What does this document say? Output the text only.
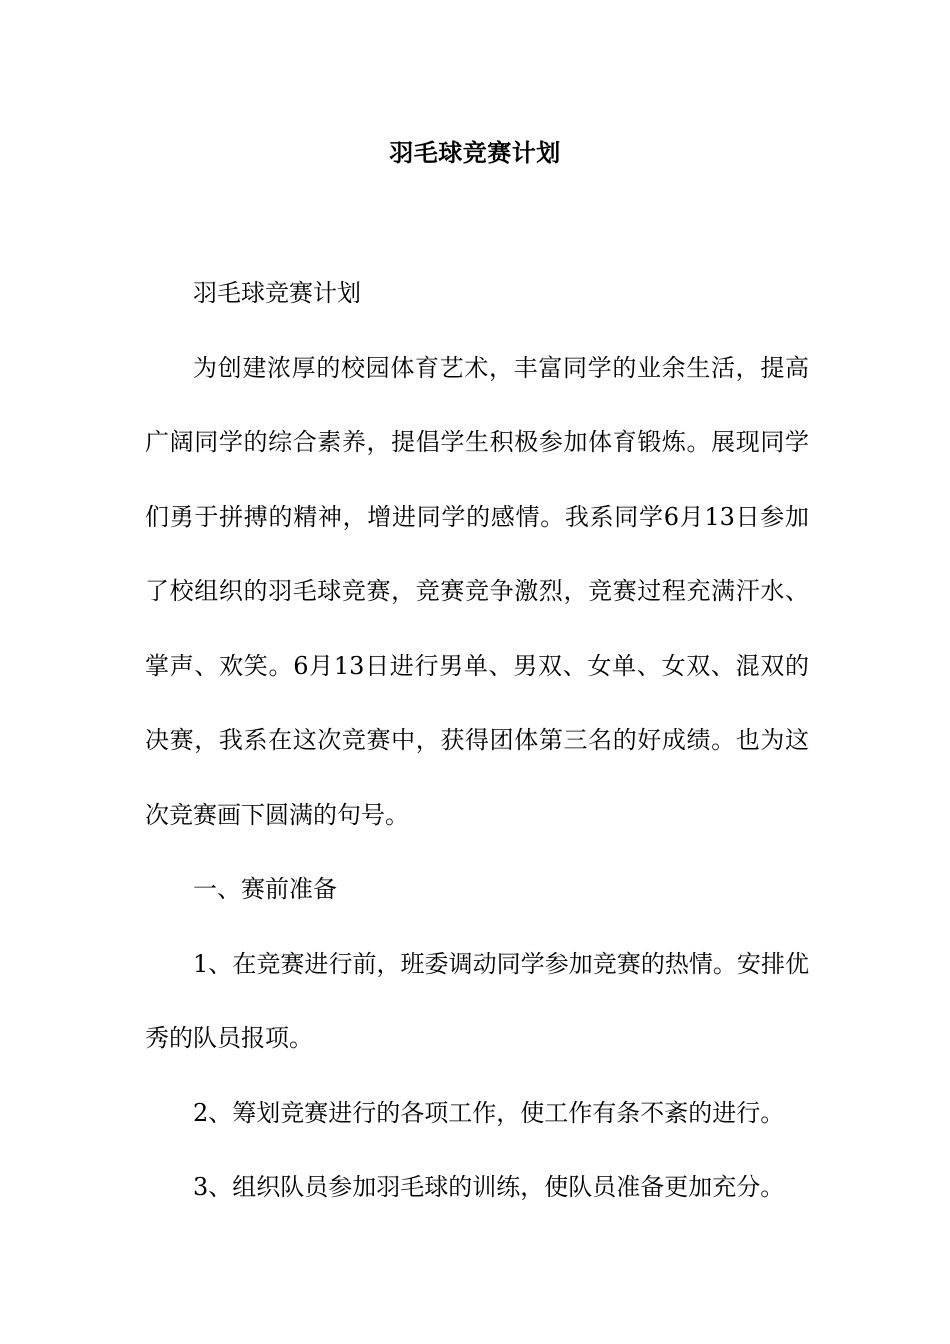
羽毛球竞赛计划

羽毛球竞赛计划

为创建浓厚的校园体育艺术，丰富同学的业余生活，提高广阔同学的综合素养，提倡学生积极参加体育锻炼。展现同学们勇于拼搏的精神，增进同学的感情。我系同学6月13日参加了校组织的羽毛球竞赛，竞赛竞争激烈，竞赛过程充满汗水、掌声、欢笑。6月13日进行男单、男双、女单、女双、混双的决赛，我系在这次竞赛中，获得团体第三名的好成绩。也为这次竞赛画下圆满的句号。

一、赛前准备

1、在竞赛进行前，班委调动同学参加竞赛的热情。安排优秀的队员报项。

2、筹划竞赛进行的各项工作，使工作有条不紊的进行。

3、组织队员参加羽毛球的训练，使队员准备更加充分。
